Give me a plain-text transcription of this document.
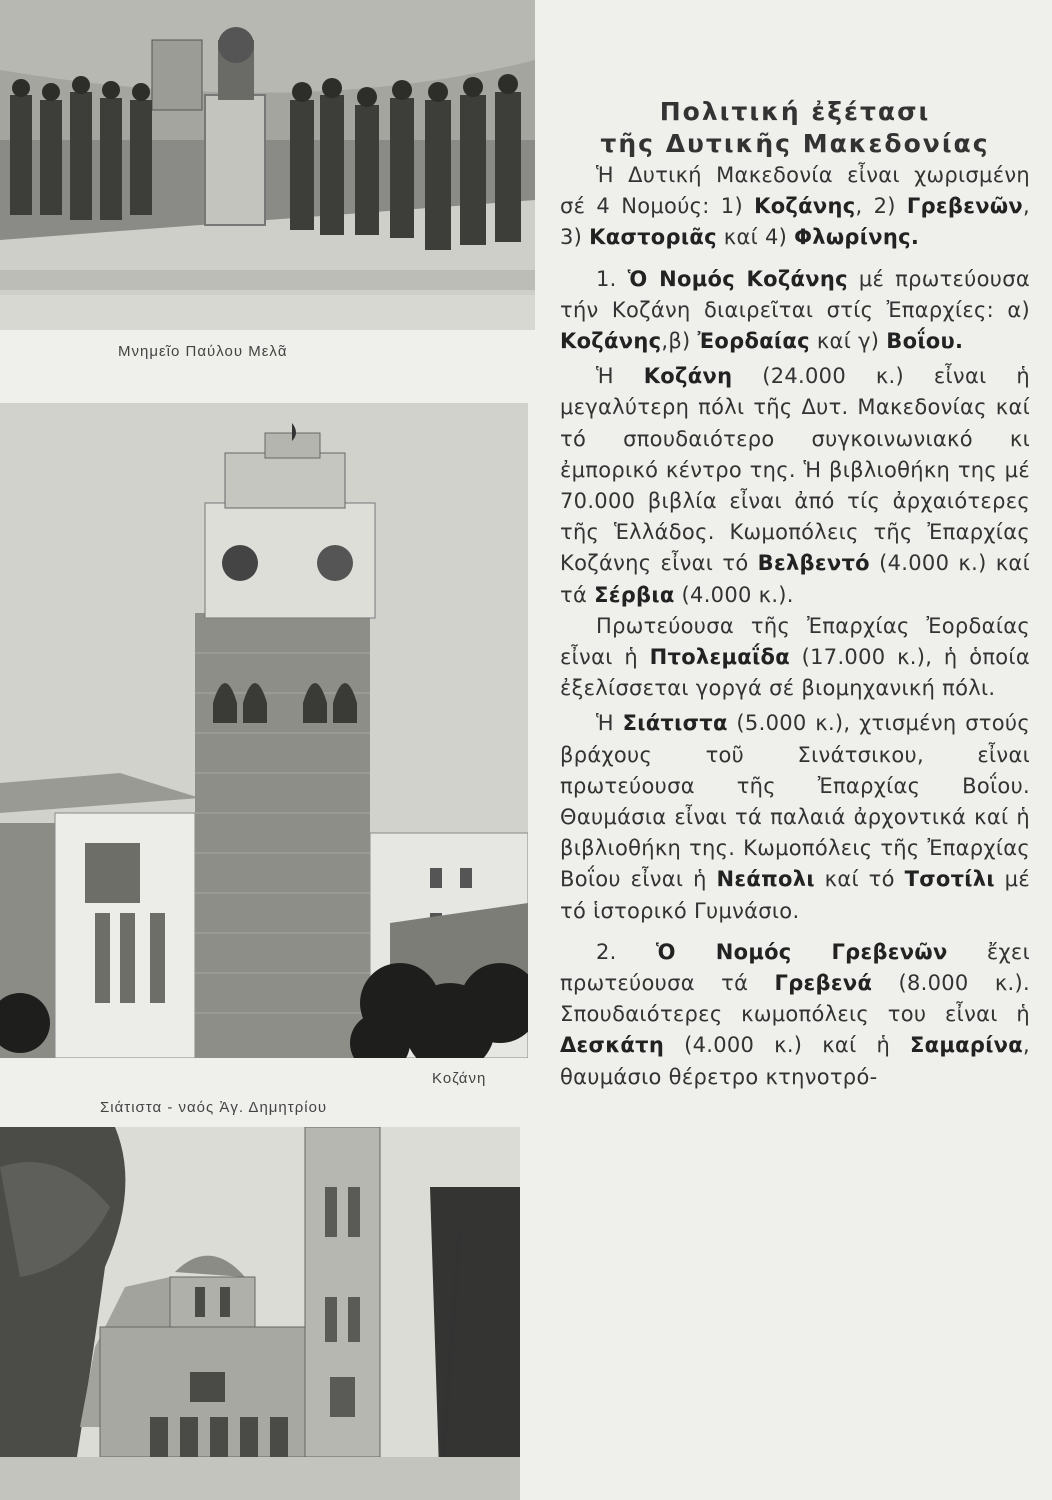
Μνημεῖο Παύλου Μελᾶ
Κοζάνη
Σιάτιστα - ναός Ἀγ. Δημητρίου
Πολιτική ἐξέτασι
τῆς Δυτικῆς Μακεδονίας

Ἡ Δυτική Μακεδονία εἶναι χωρισμένη σέ 4 Νομούς: 1) Κοζάνης, 2) Γρεβενῶν, 3) Καστοριᾶς καί 4) Φλωρίνης.

1. Ὁ Νομός Κοζάνης μέ πρωτεύουσα τήν Κοζάνη διαιρεῖται στίς Ἐπαρχίες: α) Κοζάνης,β) Ἐορδαίας καί γ) Βοΐου.

Ἡ Κοζάνη (24.000 κ.) εἶναι ἡ μεγαλύτερη πόλι τῆς Δυτ. Μακεδονίας καί τό σπουδαιότερο συγκοινωνιακό κι ἐμπορικό κέντρο της. Ἡ βιβλιοθήκη της μέ 70.000 βιβλία εἶναι ἀπό τίς ἀρχαιότερες τῆς Ἑλλάδος. Κωμοπόλεις τῆς Ἐπαρχίας Κοζάνης εἶναι τό Βελβεντό (4.000 κ.) καί τά Σέρβια (4.000 κ.).

Πρωτεύουσα τῆς Ἐπαρχίας Ἐορδαίας εἶναι ἡ Πτολεμαΐδα (17.000 κ.), ἡ ὁποία ἐξελίσσεται γοργά σέ βιομηχανική πόλι.

Ἡ Σιάτιστα (5.000 κ.), χτισμένη στούς βράχους τοῦ Σινάτσικου, εἶναι πρωτεύουσα τῆς Ἐπαρχίας Βοΐου. Θαυμάσια εἶναι τά παλαιά ἀρχοντικά καί ἡ βιβλιοθήκη της. Κωμοπόλεις τῆς Ἐπαρχίας Βοΐου εἶναι ἡ Νεάπολι καί τό Τσοτίλι μέ τό ἱστορικό Γυμνάσιο.

2. Ὁ Νομός Γρεβενῶν ἔχει πρωτεύουσα τά Γρεβενά (8.000 κ.). Σπουδαιότερες κωμοπόλεις του εἶναι ἡ Δεσκάτη (4.000 κ.) καί ἡ Σαμαρίνα, θαυμάσιο θέρετρο κτηνοτρό-
